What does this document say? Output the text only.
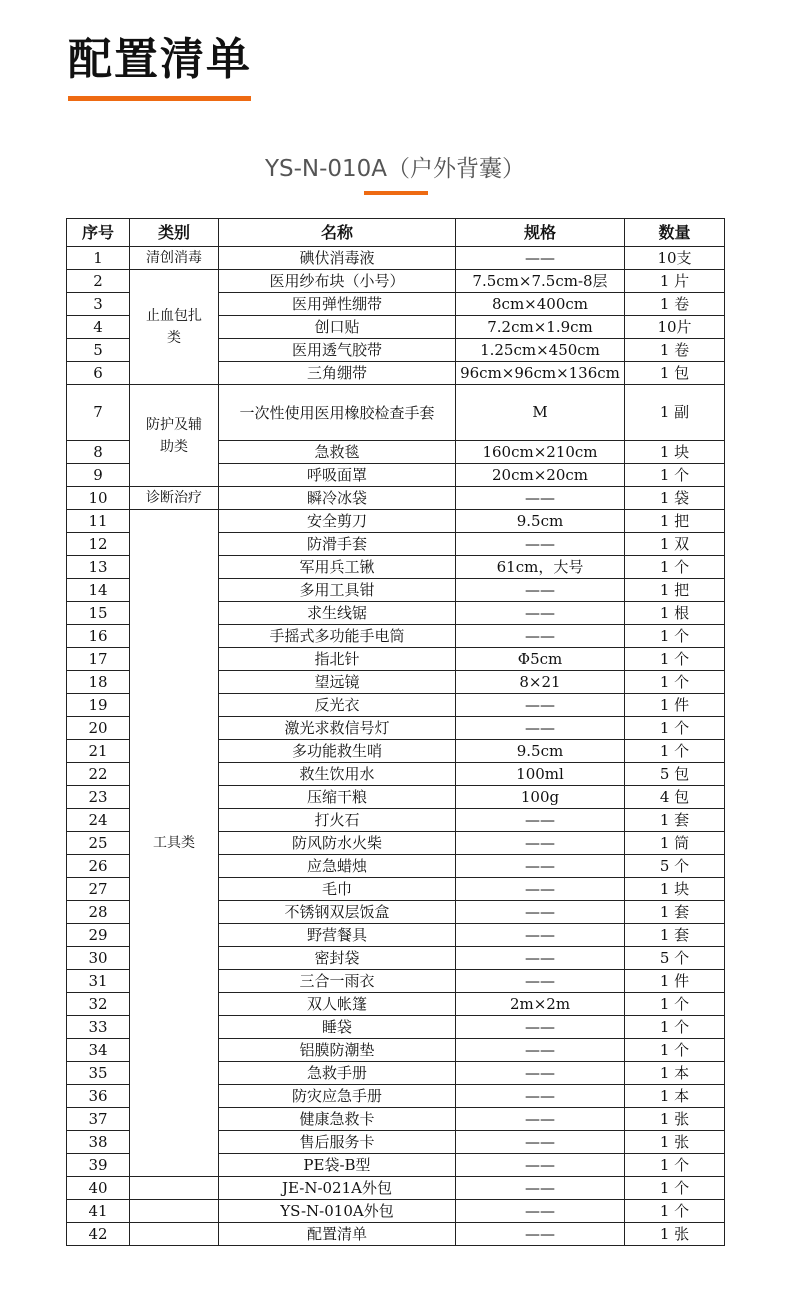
配置清单
YS-N-010A（户外背囊）
序号	类别	名称	规格	数量
1	清创消毒	碘伏消毒液	——	10支
2	止血包扎类	医用纱布块（小号）	7.5cm×7.5cm-8层	1 片
3		医用弹性绷带	8cm×400cm	1 卷
4		创口贴	7.2cm×1.9cm	10片
5		医用透气胶带	1.25cm×450cm	1 卷
6		三角绷带	96cm×96cm×136cm	1 包
7	防护及辅助类	一次性使用医用橡胶检查手套	M	1 副
8		急救毯	160cm×210cm	1 块
9		呼吸面罩	20cm×20cm	1 个
10	诊断治疗	瞬冷冰袋	——	1 袋
11	工具类	安全剪刀	9.5cm	1 把
12		防滑手套	——	1 双
13		军用兵工锹	61cm，大号	1 个
14		多用工具钳	——	1 把
15		求生线锯	——	1 根
16		手摇式多功能手电筒	——	1 个
17		指北针	Φ5cm	1 个
18		望远镜	8×21	1 个
19		反光衣	——	1 件
20		激光求救信号灯	——	1 个
21		多功能救生哨	9.5cm	1 个
22		救生饮用水	100ml	5 包
23		压缩干粮	100g	4 包
24		打火石	——	1 套
25		防风防水火柴	——	1 筒
26		应急蜡烛	——	5 个
27		毛巾	——	1 块
28		不锈钢双层饭盒	——	1 套
29		野营餐具	——	1 套
30		密封袋	——	5 个
31		三合一雨衣	——	1 件
32		双人帐篷	2m×2m	1 个
33		睡袋	——	1 个
34		铝膜防潮垫	——	1 个
35		急救手册	——	1 本
36		防灾应急手册	——	1 本
37		健康急救卡	——	1 张
38		售后服务卡	——	1 张
39		PE袋-B型	——	1 个
40		JE-N-021A外包	——	1 个
41		YS-N-010A外包	——	1 个
42		配置清单	——	1 张
